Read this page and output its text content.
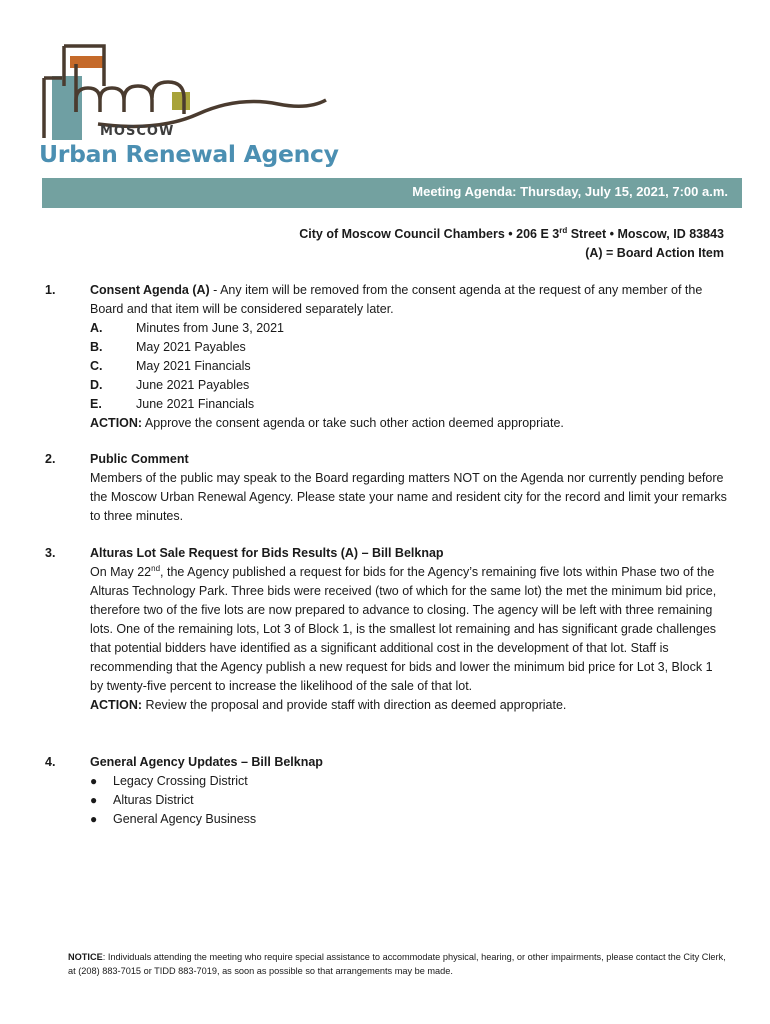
MOSCOW
Urban Renewal Agency
Meeting Agenda: Thursday, July 15, 2021, 7:00 a.m.
City of Moscow Council Chambers • 206 E 3rd Street • Moscow, ID 83843
(A) = Board Action Item
1.	Consent Agenda (A) - Any item will be removed from the consent agenda at the request of any member of the Board and that item will be considered separately later.
A.	Minutes from June 3, 2021
B.	May 2021 Payables
C.	May 2021 Financials
D.	June 2021 Payables
E.	June 2021 Financials
ACTION: Approve the consent agenda or take such other action deemed appropriate.
2.	Public Comment
Members of the public may speak to the Board regarding matters NOT on the Agenda nor currently pending before the Moscow Urban Renewal Agency. Please state your name and resident city for the record and limit your remarks to three minutes.
3.	Alturas Lot Sale Request for Bids Results (A) – Bill Belknap
On May 22nd, the Agency published a request for bids for the Agency’s remaining five lots within Phase two of the Alturas Technology Park. Three bids were received (two of which for the same lot) the met the minimum bid price, therefore two of the five lots are now prepared to advance to closing. The agency will be left with three remaining lots. One of the remaining lots, Lot 3 of Block 1, is the smallest lot remaining and has significant grade challenges that potential bidders have identified as a significant additional cost in the development of that lot. Staff is recommending that the Agency publish a new request for bids and lower the minimum bid price for Lot 3, Block 1 by twenty-five percent to increase the likelihood of the sale of that lot.
ACTION: Review the proposal and provide staff with direction as deemed appropriate.
4.	General Agency Updates – Bill Belknap
●	Legacy Crossing District
●	Alturas District
●	General Agency Business
NOTICE: Individuals attending the meeting who require special assistance to accommodate physical, hearing, or other impairments, please contact the City Clerk, at (208) 883-7015 or TIDD 883-7019, as soon as possible so that arrangements may be made.
